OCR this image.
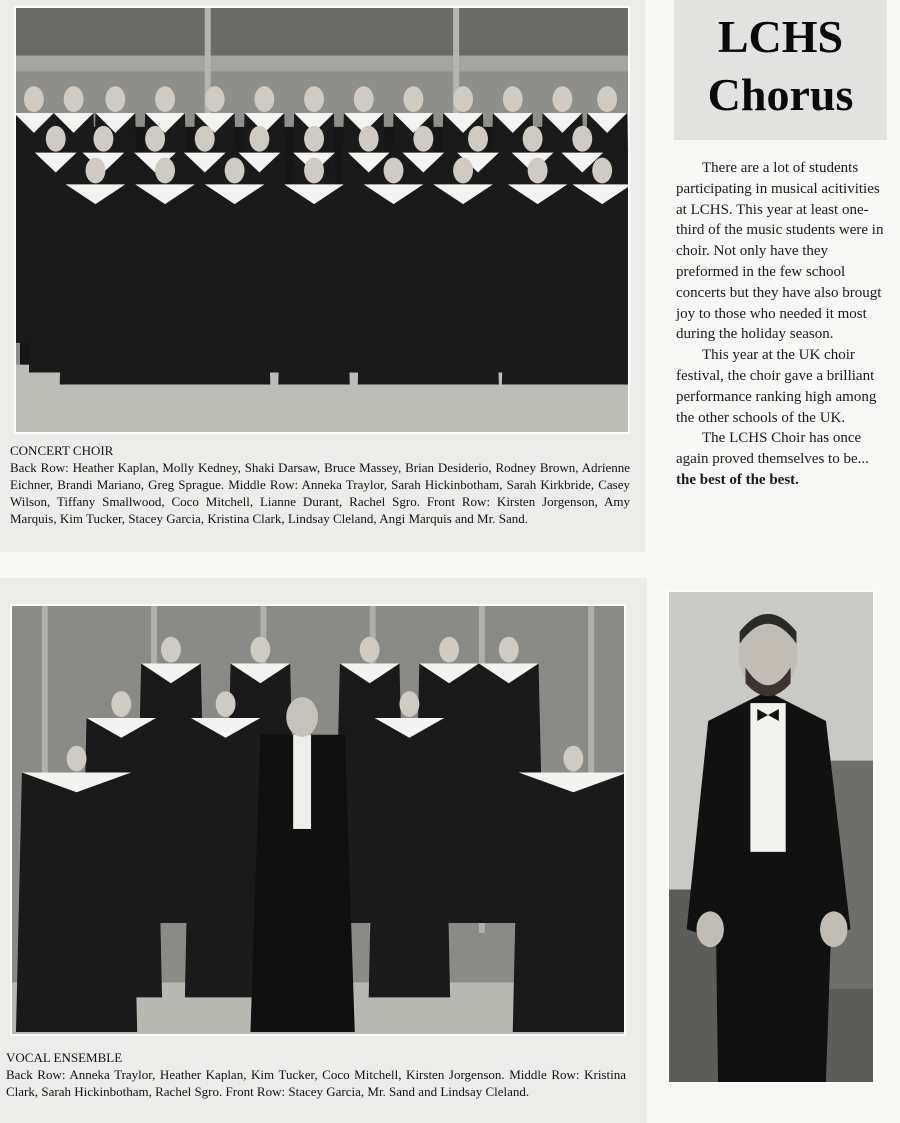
CONCERT CHOIR
Back Row: Heather Kaplan, Molly Kedney, Shaki Darsaw, Bruce Massey, Brian Desiderio, Rodney Brown, Adrienne Eichner, Brandi Mariano, Greg Sprague. Middle Row: Anneka Traylor, Sarah Hickinbotham, Sarah Kirkbride, Casey Wilson, Tiffany Smallwood, Coco Mitchell, Lianne Durant, Rachel Sgro. Front Row: Kirsten Jorgenson, Amy Marquis, Kim Tucker, Stacey Garcia, Kristina Clark, Lindsay Cleland, Angi Marquis and Mr. Sand.
LCHS
Chorus

There are a lot of students participating in musical acitivities at LCHS. This year at least one-third of the music students were in choir. Not only have they preformed in the few school concerts but they have also brougt joy to those who needed it most during the holiday season.

This year at the UK choir festival, the choir gave a brilliant performance ranking high among the other schools of the UK.

The LCHS Choir has once again proved themselves to be...

the best of the best.
VOCAL ENSEMBLE
Back Row: Anneka Traylor, Heather Kaplan, Kim Tucker, Coco Mitchell, Kirsten Jorgenson. Middle Row: Kristina Clark, Sarah Hickinbotham, Rachel Sgro. Front Row: Stacey Garcia, Mr. Sand and Lindsay Cleland.
